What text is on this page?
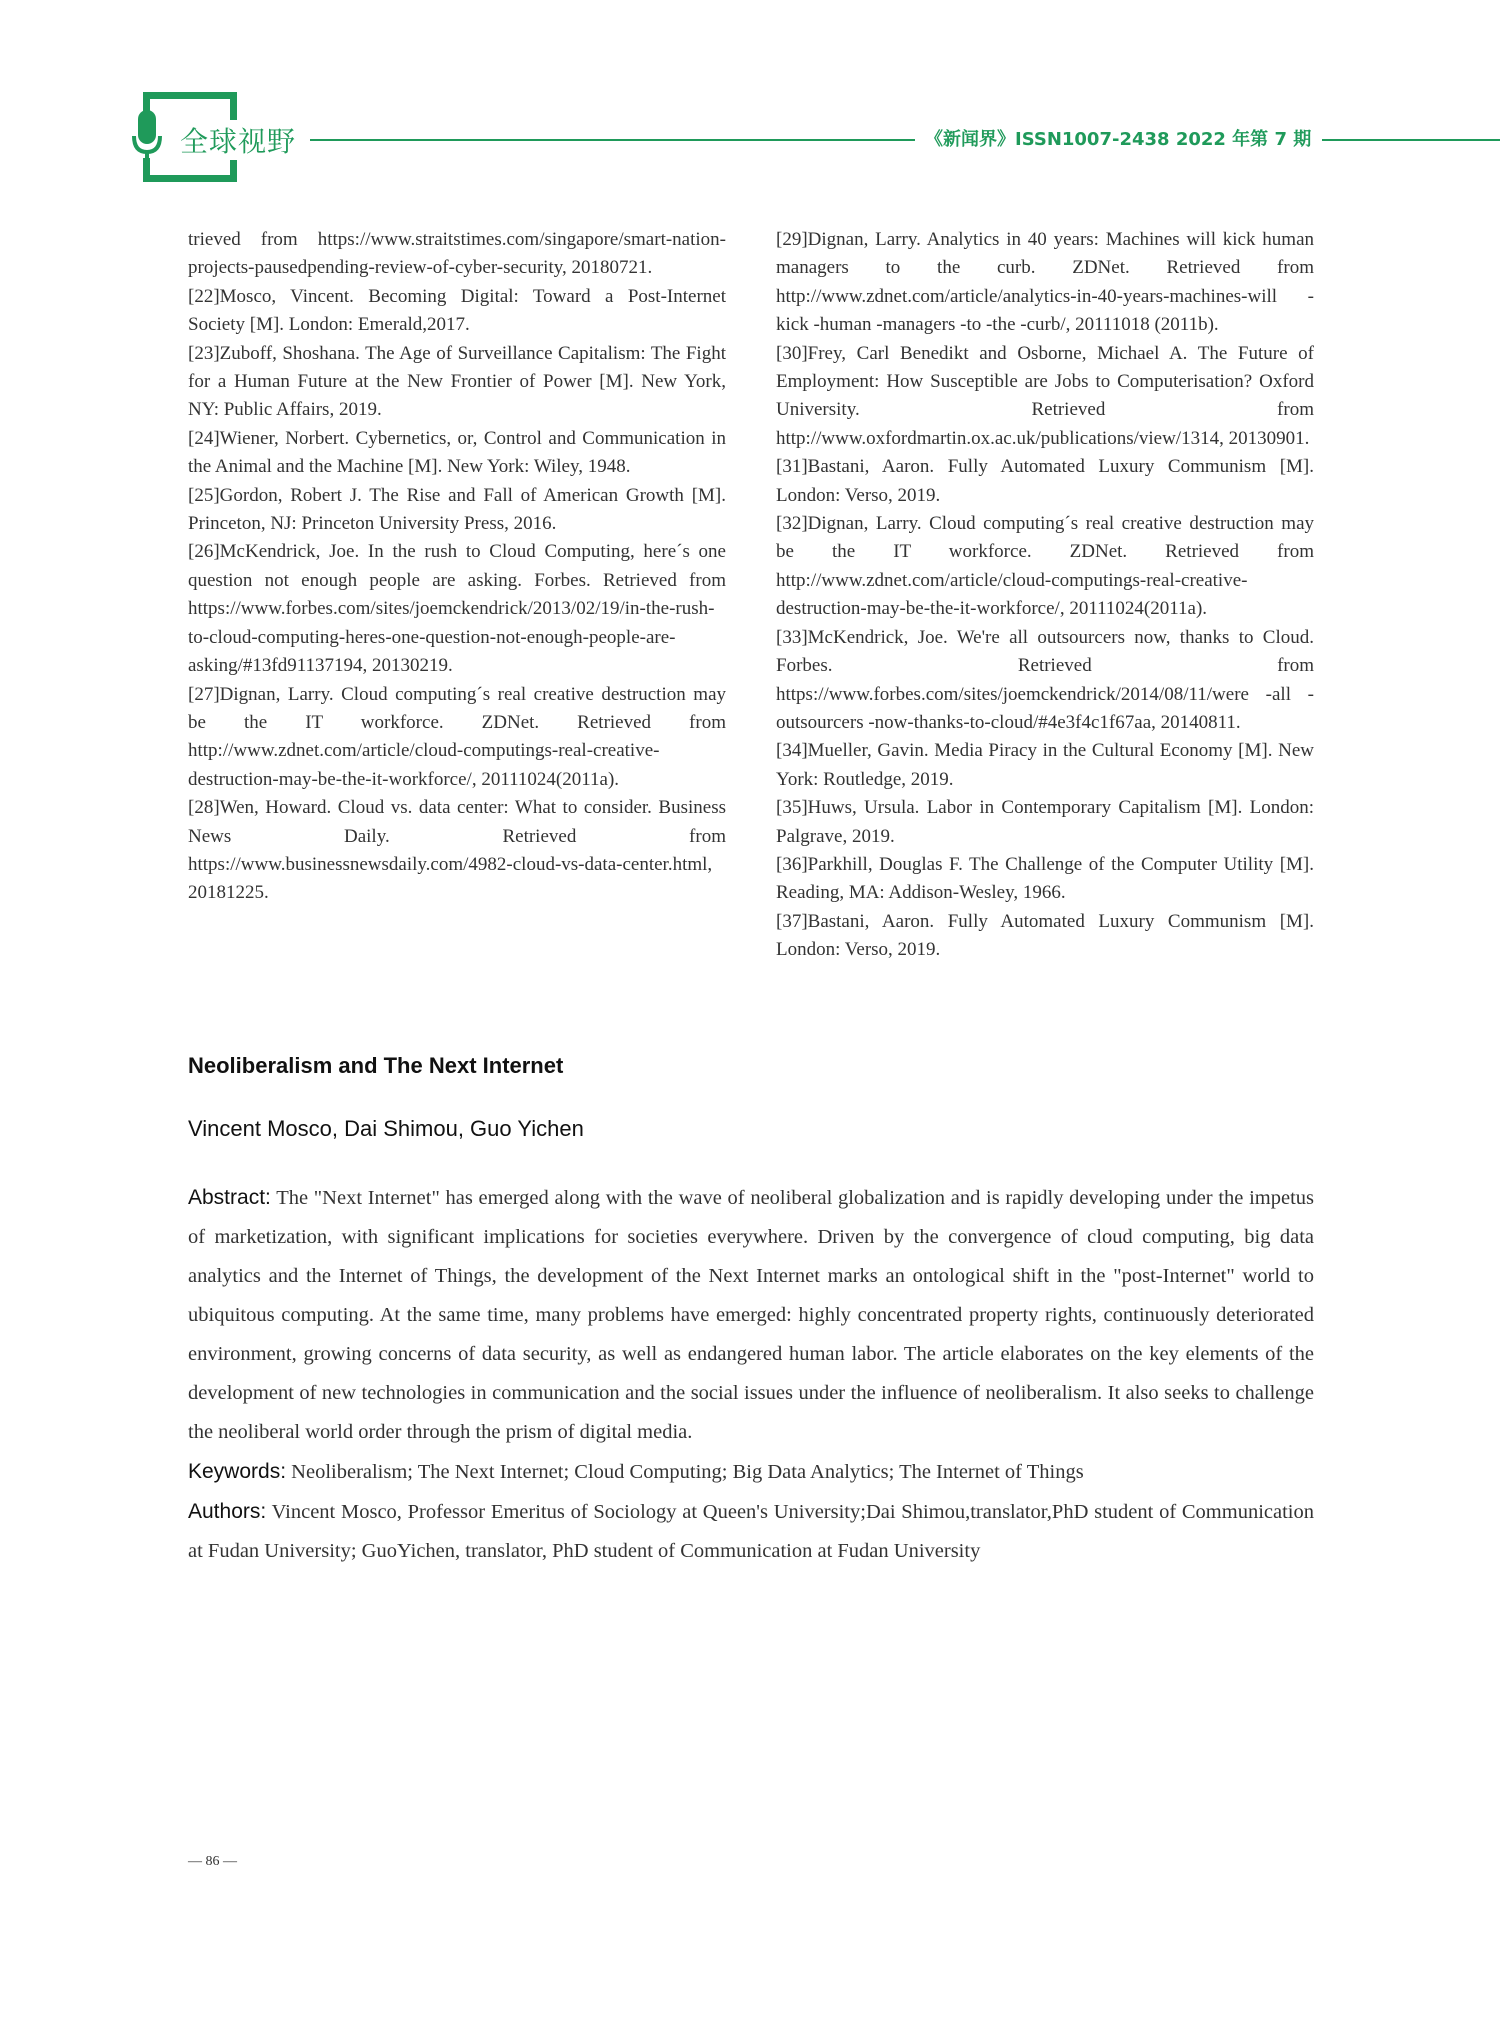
全球视野	《新闻界》ISSN1007-2438 2022 年第 7 期

trieved from https://www.straitstimes.com/singapore/smart-nation-projects-pausedpending-review-of-cyber-security, 20180721.

[22]Mosco, Vincent. Becoming Digital: Toward a Post-Internet Society [M]. London: Emerald,2017.

[23]Zuboff, Shoshana. The Age of Surveillance Capitalism: The Fight for a Human Future at the New Frontier of Power [M]. New York, NY: Public Affairs, 2019.

[24]Wiener, Norbert. Cybernetics, or, Control and Communication in the Animal and the Machine [M]. New York: Wiley, 1948.

[25]Gordon, Robert J. The Rise and Fall of American Growth [M]. Princeton, NJ: Princeton University Press, 2016.

[26]McKendrick, Joe. In the rush to Cloud Computing, here´s one question not enough people are asking. Forbes. Retrieved from https://www.forbes.com/sites/joemckendrick/2013/02/19/in-the-rush-to-cloud-computing-heres-one-question-not-enough-people-are-asking/#13fd91137194, 20130219.

[27]Dignan, Larry. Cloud computing´s real creative destruction may be the IT workforce. ZDNet. Retrieved from http://www.zdnet.com/article/cloud-computings-real-creative-destruction-may-be-the-it-workforce/, 20111024(2011a).

[28]Wen, Howard. Cloud vs. data center: What to consider. Business News Daily. Retrieved from https://www.businessnewsdaily.com/4982-cloud-vs-data-center.html, 20181225.

[29]Dignan, Larry. Analytics in 40 years: Machines will kick human managers to the curb. ZDNet. Retrieved from http://www.zdnet.com/article/analytics-in-40-years-machines-will -kick -human -managers -to -the -curb/, 20111018 (2011b).

[30]Frey, Carl Benedikt and Osborne, Michael A. The Future of Employment: How Susceptible are Jobs to Computerisation? Oxford University. Retrieved from http://www.oxfordmartin.ox.ac.uk/publications/view/1314, 20130901.

[31]Bastani, Aaron. Fully Automated Luxury Communism [M]. London: Verso, 2019.

[32]Dignan, Larry. Cloud computing´s real creative destruction may be the IT workforce. ZDNet. Retrieved from http://www.zdnet.com/article/cloud-computings-real-creative-destruction-may-be-the-it-workforce/, 20111024(2011a).

[33]McKendrick, Joe. We're all outsourcers now, thanks to Cloud. Forbes. Retrieved from https://www.forbes.com/sites/joemckendrick/2014/08/11/were -all -outsourcers -now-thanks-to-cloud/#4e3f4c1f67aa, 20140811.

[34]Mueller, Gavin. Media Piracy in the Cultural Economy [M]. New York: Routledge, 2019.

[35]Huws, Ursula. Labor in Contemporary Capitalism [M]. London: Palgrave, 2019.

[36]Parkhill, Douglas F. The Challenge of the Computer Utility [M]. Reading, MA: Addison-Wesley, 1966.

[37]Bastani, Aaron. Fully Automated Luxury Communism [M]. London: Verso, 2019.

Neoliberalism and The Next Internet
Vincent Mosco, Dai Shimou, Guo Yichen

Abstract: The "Next Internet" has emerged along with the wave of neoliberal globalization and is rapidly developing under the impetus of marketization, with significant implications for societies everywhere. Driven by the convergence of cloud computing, big data analytics and the Internet of Things, the development of the Next Internet marks an ontological shift in the "post-Internet" world to ubiquitous computing. At the same time, many problems have emerged: highly concentrated property rights, continuously deteriorated environment, growing concerns of data security, as well as endangered human labor. The article elaborates on the key elements of the development of new technologies in communication and the social issues under the influence of neoliberalism. It also seeks to challenge the neoliberal world order through the prism of digital media.

Keywords: Neoliberalism; The Next Internet; Cloud Computing; Big Data Analytics; The Internet of Things

Authors: Vincent Mosco, Professor Emeritus of Sociology at Queen's University;Dai Shimou,translator,PhD student of Communication at Fudan University; GuoYichen, translator, PhD student of Communication at Fudan University

— 86 —
